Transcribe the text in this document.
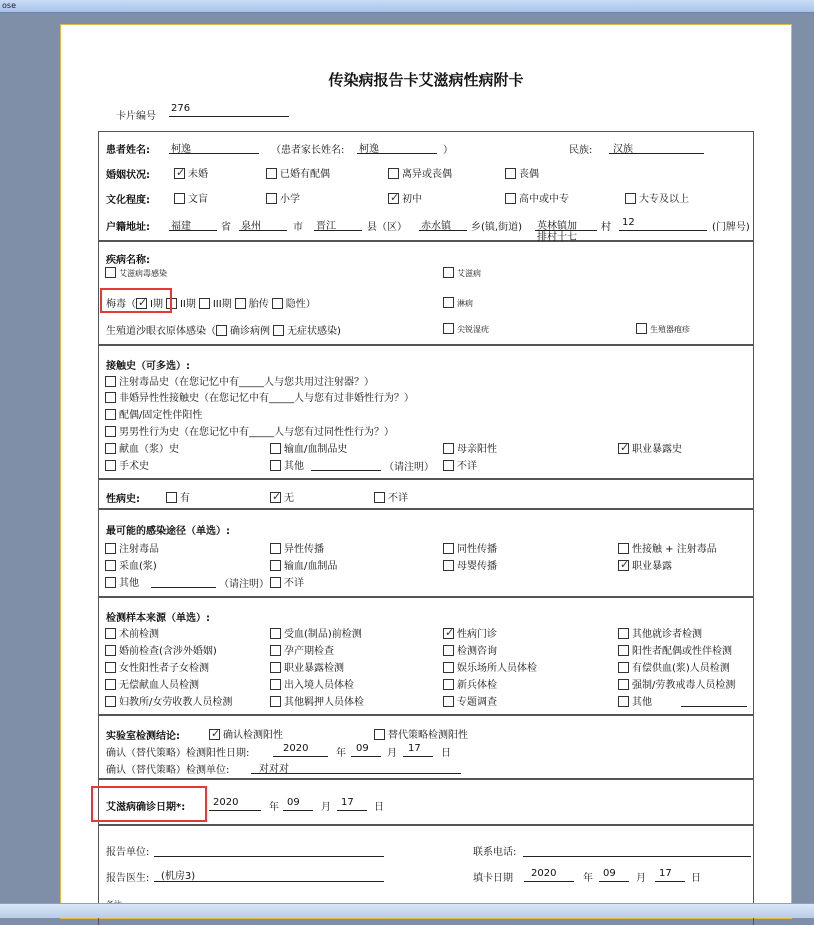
ose
传染病报告卡艾滋病性病附卡
卡片编号
276
患者姓名: 柯逸	（患者家长姓名: 柯逸	）	民族: 汉族
婚姻状况: ✓	未婚	已婚有配偶	离异或丧偶	丧偶
文化程度:	文盲	小学 ✓	初中	高中或中专	大专及以上
户籍地址: 福建	省 泉州	市 晋江	县（区） 赤水镇 乡(镇,街道) 英林镇加
排村十七
村 12	(门牌号)
疾病名称:
艾滋病毒感染	艾滋病
梅毒（ ✓ I期 II期 III期 胎传 隐性）	淋病
生殖道沙眼衣原体感染（ 确诊病例 无症状感染)	尖锐湿疣	生殖器疱疹
接触史（可多选）:
注射毒品史（在您记忆中有_____人与您共用过注射器？）
非婚异性性接触史（在您记忆中有_____人与您有过非婚性行为？）
配偶/固定性伴阳性
男男性行为史（在您记忆中有_____人与您有过同性性行为？）
献血（浆）史	输血/血制品史	母亲阳性 ✓	职业暴露史
手术史	其他	（请注明）	不详
性病史:	有 ✓	无	不详
最可能的感染途径（单选）:
注射毒品	异性传播	同性传播	性接触 + 注射毒品
采血(浆)	输血/血制品	母婴传播 ✓	职业暴露
其他	（请注明）	不详
检测样本来源（单选）:
术前检测	受血(制品)前检测 ✓	性病门诊	其他就诊者检测
婚前检查(含涉外婚姻)	孕产期检查	检测咨询	阳性者配偶或性伴检测
女性阳性者子女检测	职业暴露检测	娱乐场所人员体检	有偿供血(浆)人员检测
无偿献血人员检测	出入境人员体检	新兵体检	强制/劳教戒毒人员检测
妇教所/女劳收教人员检测	其他羁押人员体检	专题调查	其他
实验室检测结论: ✓	确认检测阳性	替代策略检测阳性
确认（替代策略）检测阳性日期:	2020	年 09 月 17 日
确认（替代策略）检测单位:	对对对
艾滋病确诊日期*:	2020	年 09 月 17 日
报告单位:	联系电话:
报告医生: (机房3)	填卡日期 2020	年 09 月 17 日
